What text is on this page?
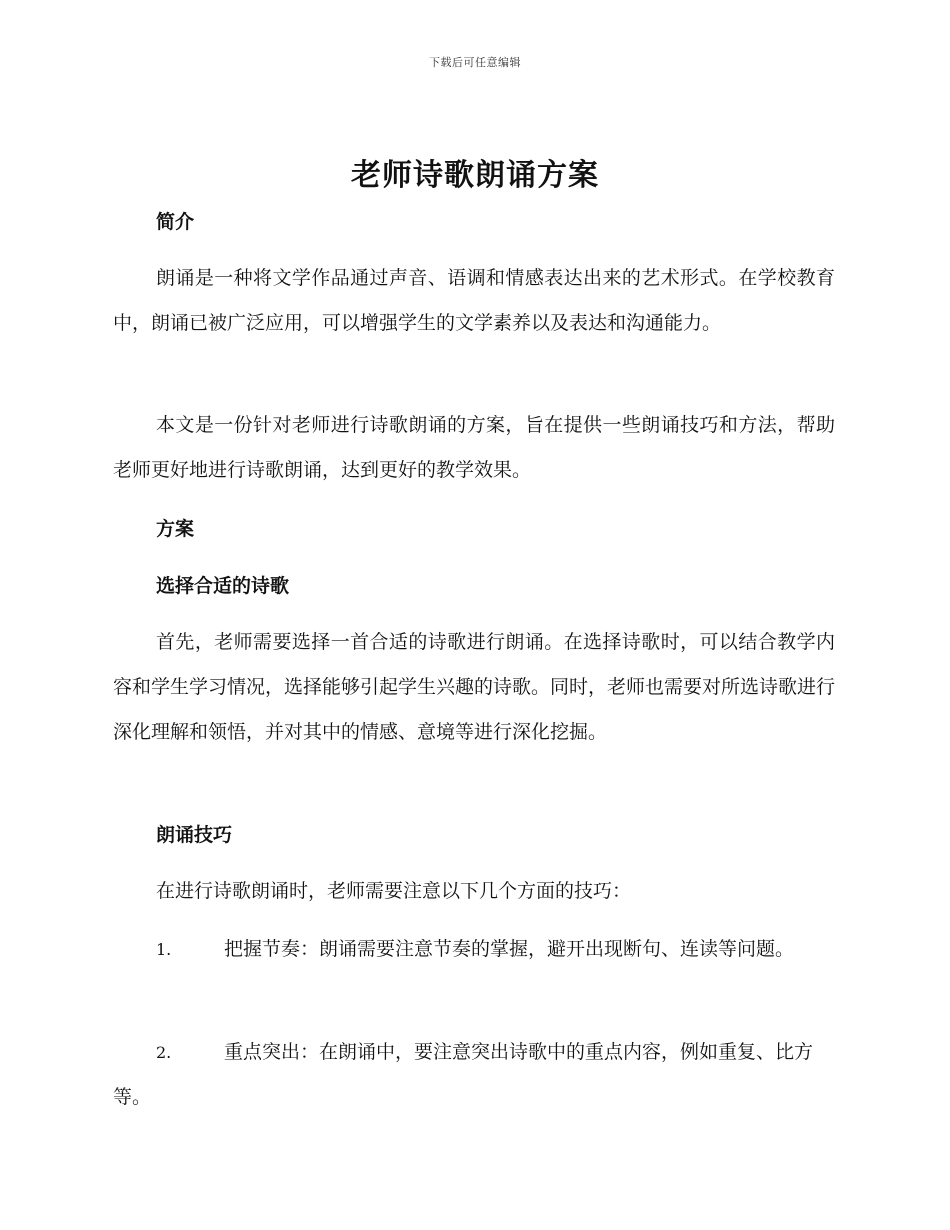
下载后可任意编辑
老师诗歌朗诵方案
简介

朗诵是一种将文学作品通过声音、语调和情感表达出来的艺术形式。在学校教育中，朗诵已被广泛应用，可以增强学生的文学素养以及表达和沟通能力。

本文是一份针对老师进行诗歌朗诵的方案，旨在提供一些朗诵技巧和方法，帮助老师更好地进行诗歌朗诵，达到更好的教学效果。

方案
选择合适的诗歌

首先，老师需要选择一首合适的诗歌进行朗诵。在选择诗歌时，可以结合教学内容和学生学习情况，选择能够引起学生兴趣的诗歌。同时，老师也需要对所选诗歌进行深化理解和领悟，并对其中的情感、意境等进行深化挖掘。

朗诵技巧

在进行诗歌朗诵时，老师需要注意以下几个方面的技巧：

1.	把握节奏：朗诵需要注意节奏的掌握，避开出现断句、连读等问题。

2.	重点突出：在朗诵中，要注意突出诗歌中的重点内容，例如重复、比方等。
